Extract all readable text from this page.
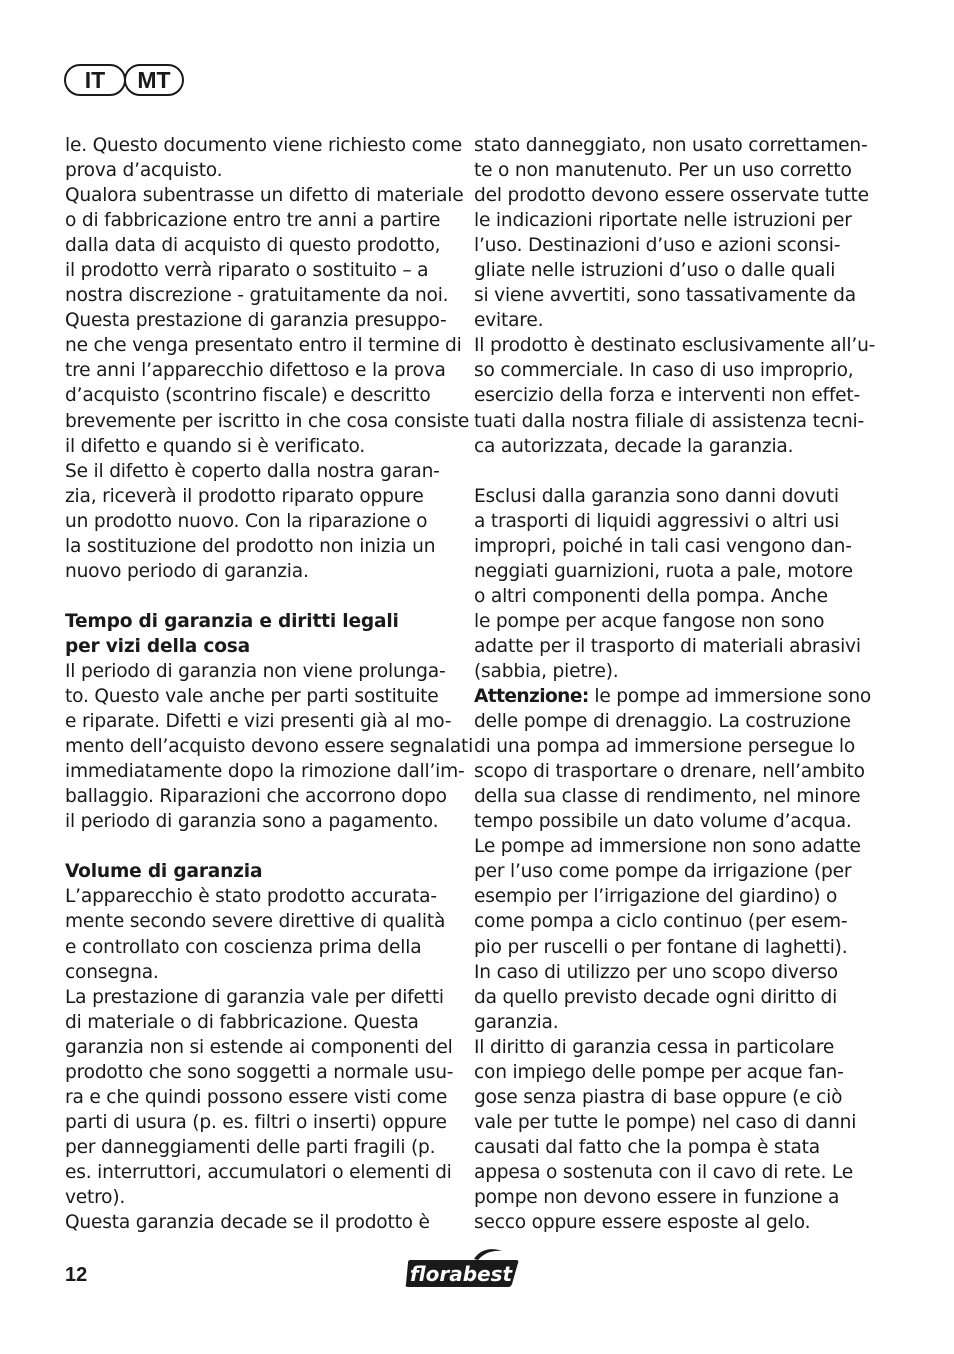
IT	MT

le. Questo documento viene richiesto come

prova d’acquisto.

Qualora subentrasse un difetto di materiale

o di fabbricazione entro tre anni a partire

dalla data di acquisto di questo prodotto,

il prodotto verrà riparato o sostituito – a

nostra discrezione - gratuitamente da noi.

Questa prestazione di garanzia presuppo-

ne che venga presentato entro il termine di

tre anni l’apparecchio difettoso e la prova

d’acquisto (scontrino fiscale) e descritto

brevemente per iscritto in che cosa consiste

il difetto e quando si è verificato.

Se il difetto è coperto dalla nostra garan-

zia, riceverà il prodotto riparato oppure

un prodotto nuovo. Con la riparazione o

la sostituzione del prodotto non inizia un

nuovo periodo di garanzia.

Tempo di garanzia e diritti legali

per vizi della cosa

Il periodo di garanzia non viene prolunga-

to. Questo vale anche per parti sostituite

e riparate. Difetti e vizi presenti già al mo-

mento dell’acquisto devono essere segnalati

immediatamente dopo la rimozione dall’im-

ballaggio. Riparazioni che accorrono dopo

il periodo di garanzia sono a pagamento.

Volume di garanzia

L’apparecchio è stato prodotto accurata-

mente secondo severe direttive di qualità

e controllato con coscienza prima della

consegna.

La prestazione di garanzia vale per difetti

di materiale o di fabbricazione. Questa

garanzia non si estende ai componenti del

prodotto che sono soggetti a normale usu-

ra e che quindi possono essere visti come

parti di usura (p. es. filtri o inserti) oppure

per danneggiamenti delle parti fragili (p.

es. interruttori, accumulatori o elementi di

vetro).

Questa garanzia decade se il prodotto è

stato danneggiato, non usato correttamen-

te o non manutenuto. Per un uso corretto

del prodotto devono essere osservate tutte

le indicazioni riportate nelle istruzioni per

l’uso. Destinazioni d’uso e azioni sconsi-

gliate nelle istruzioni d’uso o dalle quali

si viene avvertiti, sono tassativamente da

evitare.

Il prodotto è destinato esclusivamente all’u-

so commerciale. In caso di uso improprio,

esercizio della forza e interventi non effet-

tuati dalla nostra filiale di assistenza tecni-

ca autorizzata, decade la garanzia.

Esclusi dalla garanzia sono danni dovuti

a trasporti di liquidi aggressivi o altri usi

impropri, poiché in tali casi vengono dan-

neggiati guarnizioni, ruota a pale, motore

o altri componenti della pompa. Anche

le pompe per acque fangose non sono

adatte per il trasporto di materiali abrasivi

(sabbia, pietre).

Attenzione: le pompe ad immersione sono

delle pompe di drenaggio. La costruzione

di una pompa ad immersione persegue lo

scopo di trasportare o drenare, nell’ambito

della sua classe di rendimento, nel minore

tempo possibile un dato volume d’acqua.

Le pompe ad immersione non sono adatte

per l’uso come pompe da irrigazione (per

esempio per l’irrigazione del giardino) o

come pompa a ciclo continuo (per esem-

pio per ruscelli o per fontane di laghetti).

In caso di utilizzo per uno scopo diverso

da quello previsto decade ogni diritto di

garanzia.

Il diritto di garanzia cessa in particolare

con impiego delle pompe per acque fan-

gose senza piastra di base oppure (e ciò

vale per tutte le pompe) nel caso di danni

causati dal fatto che la pompa è stata

appesa o sostenuta con il cavo di rete. Le

pompe non devono essere in funzione a

secco oppure essere esposte al gelo.

12	florabest
